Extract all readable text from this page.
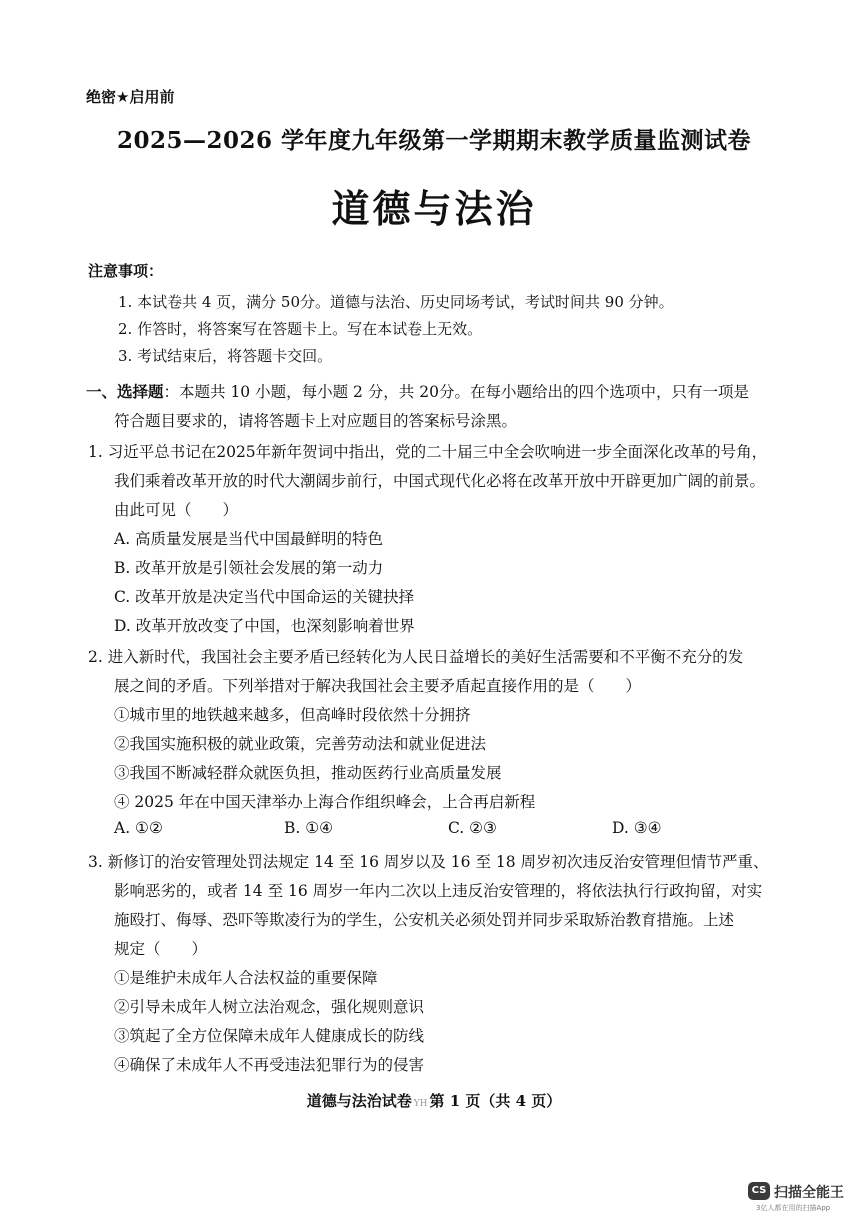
绝密★启用前
2025—2026 学年度九年级第一学期期末教学质量监测试卷
道德与法治
注意事项：
1. 本试卷共 4 页，满分 50分。道德与法治、历史同场考试，考试时间共 90 分钟。
2. 作答时，将答案写在答题卡上。写在本试卷上无效。
3. 考试结束后，将答题卡交回。
一、选择题：本题共 10 小题，每小题 2 分，共 20分。在每小题给出的四个选项中，只有一项是
符合题目要求的，请将答题卡上对应题目的答案标号涂黑。
1. 习近平总书记在2025年新年贺词中指出，党的二十届三中全会吹响进一步全面深化改革的号角，
我们乘着改革开放的时代大潮阔步前行，中国式现代化必将在改革开放中开辟更加广阔的前景。
由此可见（　　）
A. 高质量发展是当代中国最鲜明的特色
B. 改革开放是引领社会发展的第一动力
C. 改革开放是决定当代中国命运的关键抉择
D. 改革开放改变了中国，也深刻影响着世界
2. 进入新时代，我国社会主要矛盾已经转化为人民日益增长的美好生活需要和不平衡不充分的发
展之间的矛盾。下列举措对于解决我国社会主要矛盾起直接作用的是（　　）
①城市里的地铁越来越多，但高峰时段依然十分拥挤
②我国实施积极的就业政策，完善劳动法和就业促进法
③我国不断减轻群众就医负担，推动医药行业高质量发展
④ 2025 年在中国天津举办上海合作组织峰会，上合再启新程
A. ①②	B. ①④	C. ②③	D. ③④
3. 新修订的治安管理处罚法规定 14 至 16 周岁以及 16 至 18 周岁初次违反治安管理但情节严重、
影响恶劣的，或者 14 至 16 周岁一年内二次以上违反治安管理的，将依法执行行政拘留，对实
施殴打、侮辱、恐吓等欺凌行为的学生，公安机关必须处罚并同步采取矫治教育措施。上述
规定（　　）
①是维护未成年人合法权益的重要保障
②引导未成年人树立法治观念，强化规则意识
③筑起了全方位保障未成年人健康成长的防线
④确保了未成年人不再受违法犯罪行为的侵害
道德与法治试卷 YH 第 1 页（共 4 页）
CS 扫描全能王
3亿人都在用的扫描App
